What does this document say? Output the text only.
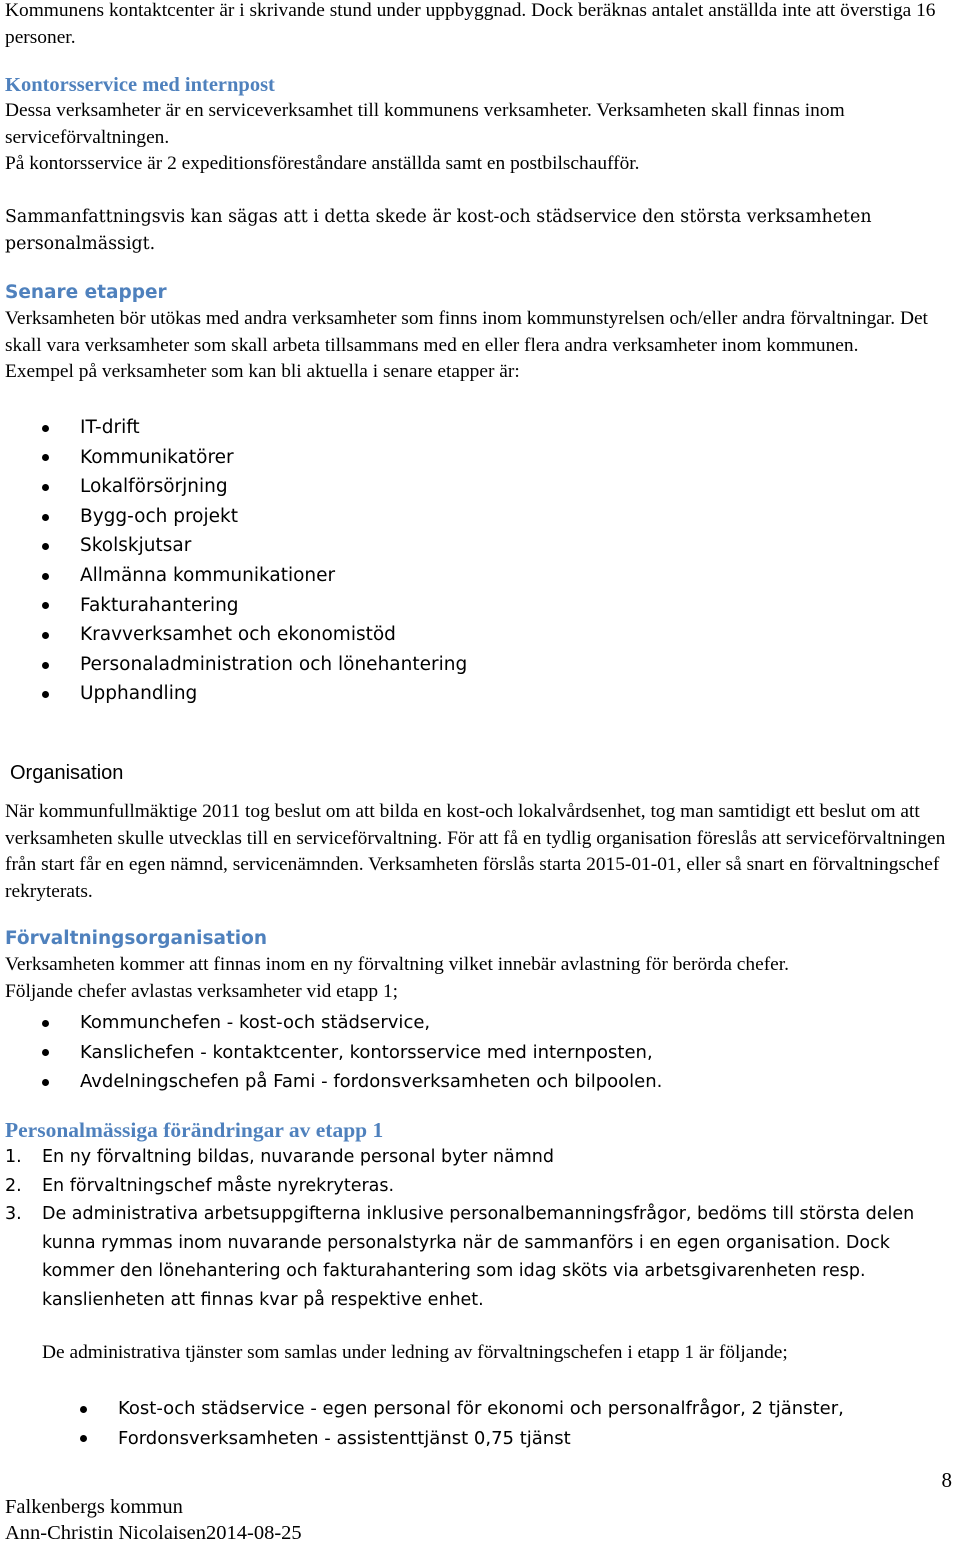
Kommunens kontaktcenter är i skrivande stund under uppbyggnad. Dock beräknas antalet anställda inte att överstiga 16 personer.

Kontorsservice med internpost

Dessa verksamheter är en serviceverksamhet till kommunens verksamheter. Verksamheten skall finnas inom serviceförvaltningen.

På kontorsservice är 2 expeditionsföreståndare anställda samt en postbilschaufför.

Sammanfattningsvis kan sägas att i detta skede är kost-och städservice den största verksamheten personalmässigt.

Senare etapper

Verksamheten bör utökas med andra verksamheter som finns inom kommunstyrelsen och/eller andra förvaltningar. Det skall vara verksamheter som skall arbeta tillsammans med en eller flera andra verksamheter inom kommunen.

Exempel på verksamheter som kan bli aktuella i senare etapper är:

IT-drift
Kommunikatörer
Lokalförsörjning
Bygg-och projekt
Skolskjutsar
Allmänna kommunikationer
Fakturahantering
Kravverksamhet och ekonomistöd
Personaladministration och lönehantering
Upphandling

Organisation

När kommunfullmäktige 2011 tog beslut om att bilda en kost-och lokalvårdsenhet, tog man samtidigt ett beslut om att verksamheten skulle utvecklas till en serviceförvaltning. För att få en tydlig organisation föreslås att serviceförvaltningen från start får en egen nämnd, servicenämnden. Verksamheten förslås starta 2015-01-01, eller så snart en förvaltningschef rekryterats.

Förvaltningsorganisation

Verksamheten kommer att finnas inom en ny förvaltning vilket innebär avlastning för berörda chefer.

Följande chefer avlastas verksamheter vid etapp 1;

Kommunchefen - kost-och städservice,
Kanslichefen - kontaktcenter, kontorsservice med internposten,
Avdelningschefen på Fami - fordonsverksamheten och bilpoolen.

Personalmässiga förändringar av etapp 1

1. En ny förvaltning bildas, nuvarande personal byter nämnd
2. En förvaltningschef måste nyrekryteras.
3. De administrativa arbetsuppgifterna inklusive personalbemanningsfrågor, bedöms till största delen kunna rymmas inom nuvarande personalstyrka när de sammanförs i en egen organisation. Dock kommer den lönehantering och fakturahantering som idag sköts via arbetsgivarenheten resp. kanslienheten att finnas kvar på respektive enhet.

De administrativa tjänster som samlas under ledning av förvaltningschefen i etapp 1 är följande;

Kost-och städservice - egen personal för ekonomi och personalfrågor, 2 tjänster,
Fordonsverksamheten - assistenttjänst 0,75 tjänst
8
Falkenbergs kommun
Ann-Christin Nicolaisen2014-08-25
